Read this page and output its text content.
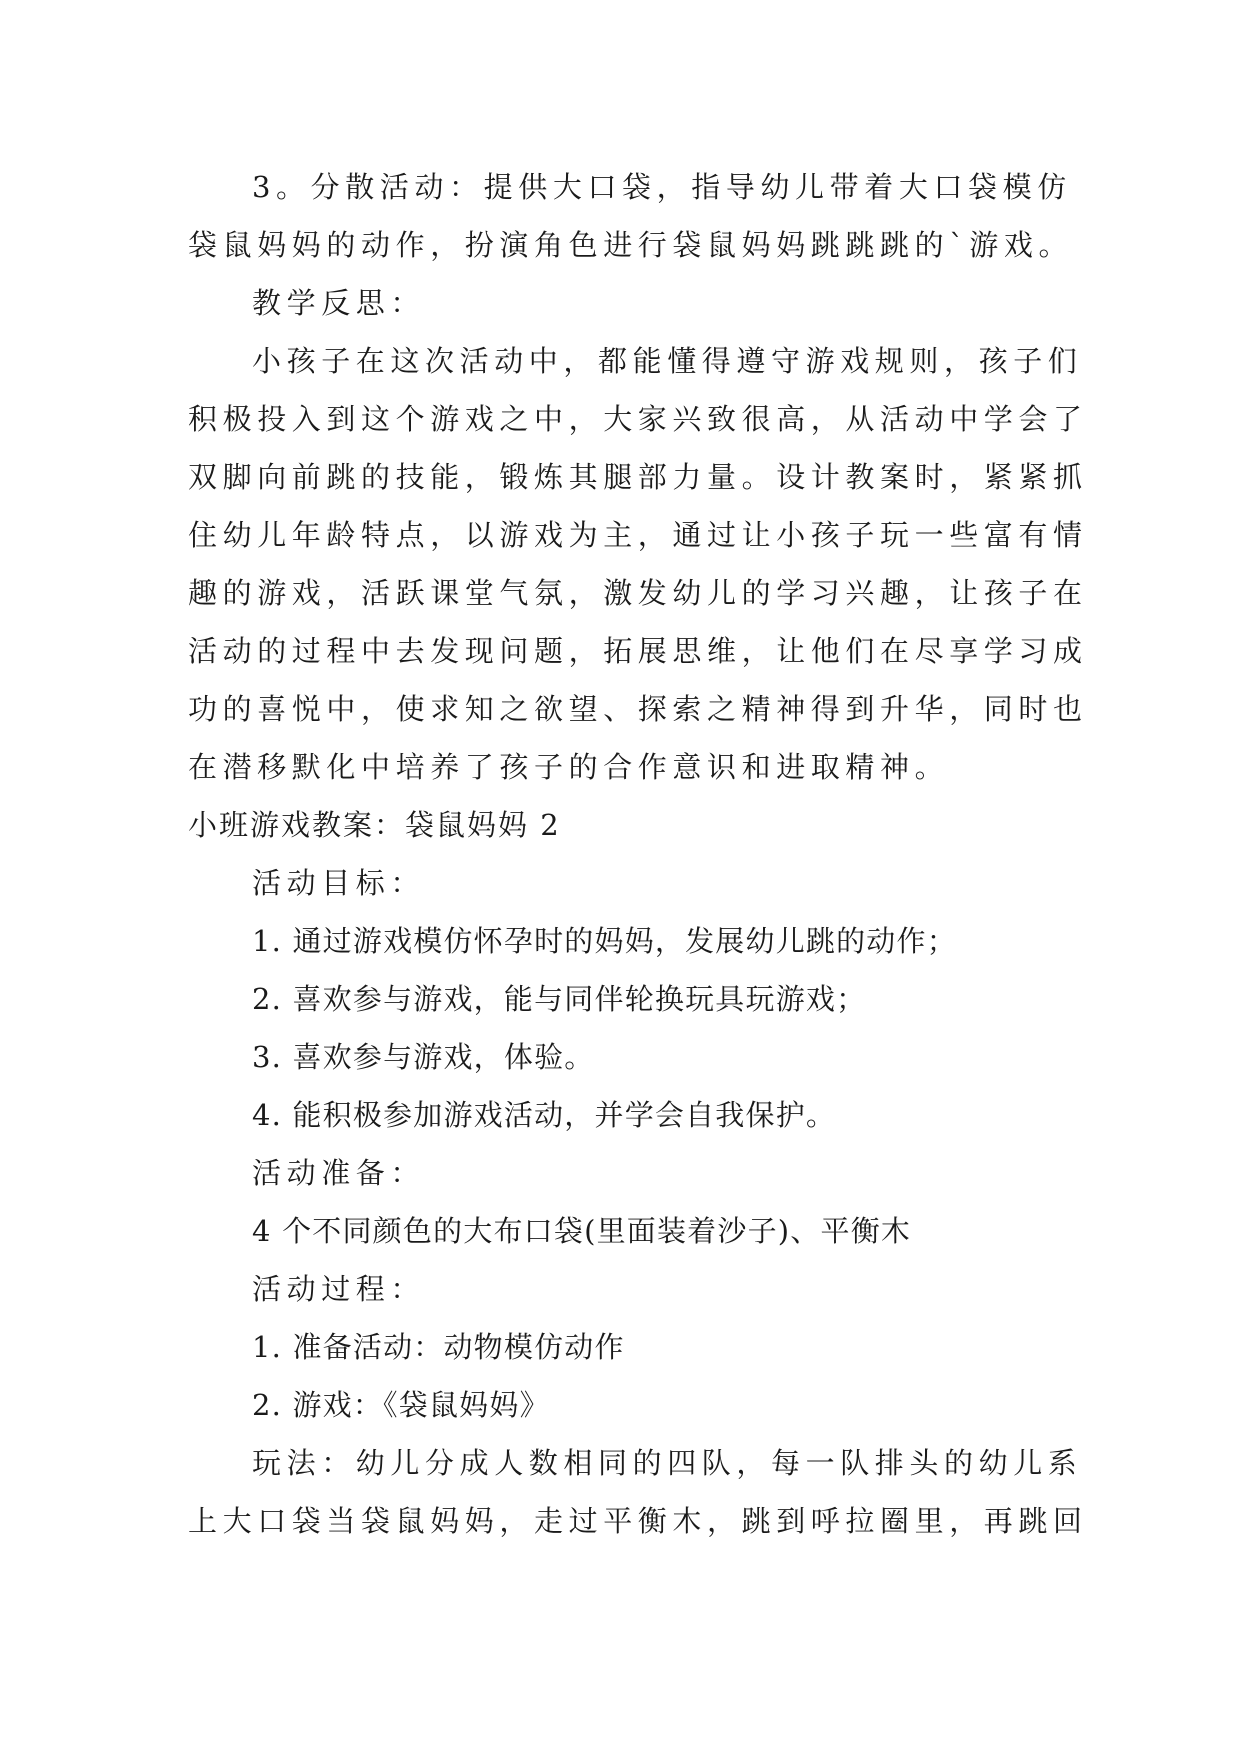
3。分散活动：提供大口袋，指导幼儿带着大口袋模仿
袋鼠妈妈的动作，扮演角色进行袋鼠妈妈跳跳跳的`游戏。
教学反思：
小孩子在这次活动中，都能懂得遵守游戏规则，孩子们
积极投入到这个游戏之中，大家兴致很高，从活动中学会了
双脚向前跳的技能，锻炼其腿部力量。设计教案时，紧紧抓
住幼儿年龄特点，以游戏为主，通过让小孩子玩一些富有情
趣的游戏，活跃课堂气氛，激发幼儿的学习兴趣，让孩子在
活动的过程中去发现问题，拓展思维，让他们在尽享学习成
功的喜悦中，使求知之欲望、探索之精神得到升华，同时也
在潜移默化中培养了孩子的合作意识和进取精神。
小班游戏教案：袋鼠妈妈 2
活动目标：
1. 通过游戏模仿怀孕时的妈妈，发展幼儿跳的动作；
2. 喜欢参与游戏，能与同伴轮换玩具玩游戏；
3. 喜欢参与游戏，体验。
4. 能积极参加游戏活动，并学会自我保护。
活动准备：
4 个不同颜色的大布口袋(里面装着沙子)、平衡木
活动过程：
1. 准备活动：动物模仿动作
2. 游戏：《袋鼠妈妈》
玩法：幼儿分成人数相同的四队，每一队排头的幼儿系
上大口袋当袋鼠妈妈，走过平衡木，跳到呼拉圈里，再跳回
